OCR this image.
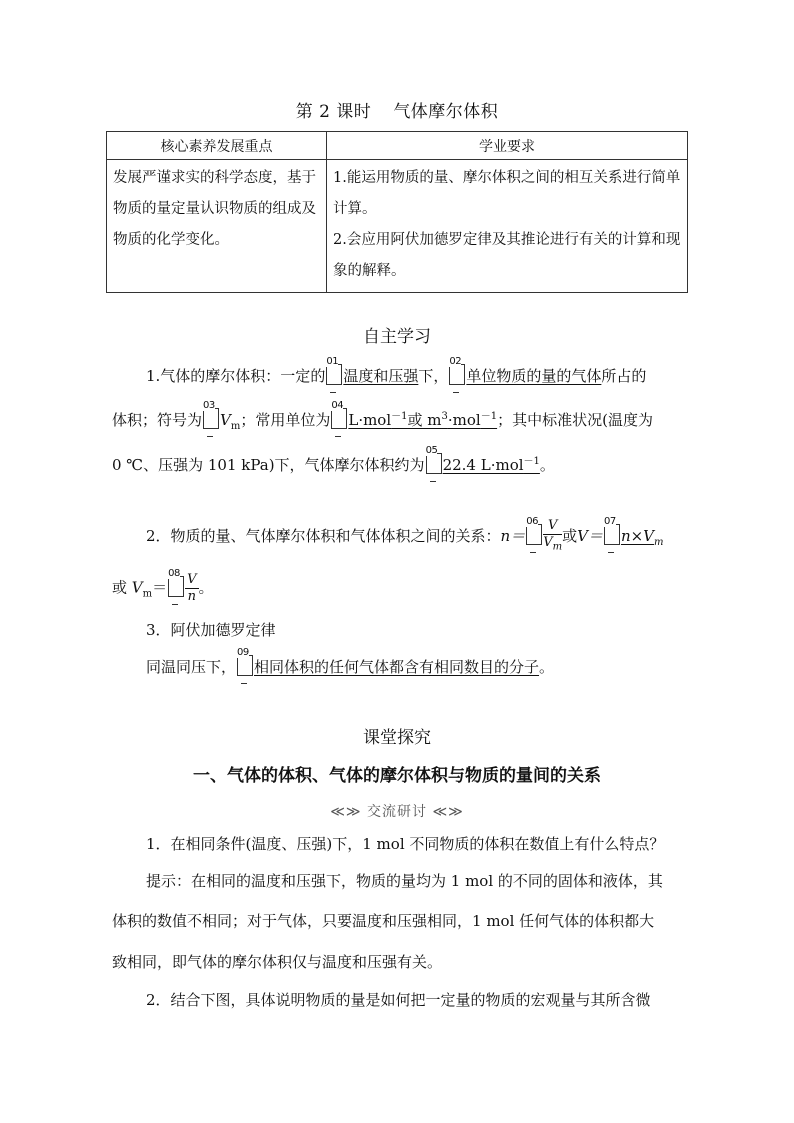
第 2 课时 气体摩尔体积
核心素养发展重点	学业要求
发展严谨求实的科学态度，基于物质的量定量认识物质的组成及物质的化学变化。	1.能运用物质的量、摩尔体积之间的相互关系进行简单计算。
2.会应用阿伏加德罗定律及其推论进行有关的计算和现象的解释。
自主学习
1.气体的摩尔体积：一定的
01
温度和压强下，
02
单位物质的量的气体所占的
体积；符号为
03
$V_m$；常用单位为
04
L·mol$^{-1}$或 $m^3\cdot mol^{-1}$；其中标准状况(温度为
0 ℃、压强为 101 kPa)下，气体摩尔体积约为
05
22.4 L·mol$^{-1}$。
2．物质的量、气体摩尔体积和气体体积之间的关系：n＝
$06 \frac{V}{V_m}$ 或V＝
07
$n\times V_m$
或 $V_m=$
$08 \frac{V}{n}$ 。
3．阿伏加德罗定律
同温同压下，
09
相同体积的任何气体都含有相同数目的分子。
课堂探究
一、气体的体积、气体的摩尔体积与物质的量间的关系
≪≫ 交流研讨 ≪≫
1．在相同条件(温度、压强)下，1 mol 不同物质的体积在数值上有什么特点？
提示：在相同的温度和压强下，物质的量均为 1 mol 的不同的固体和液体，其
体积的数值不相同；对于气体，只要温度和压强相同，1 mol 任何气体的体积都大
致相同，即气体的摩尔体积仅与温度和压强有关。
2．结合下图，具体说明物质的量是如何把一定量的物质的宏观量与其所含微
